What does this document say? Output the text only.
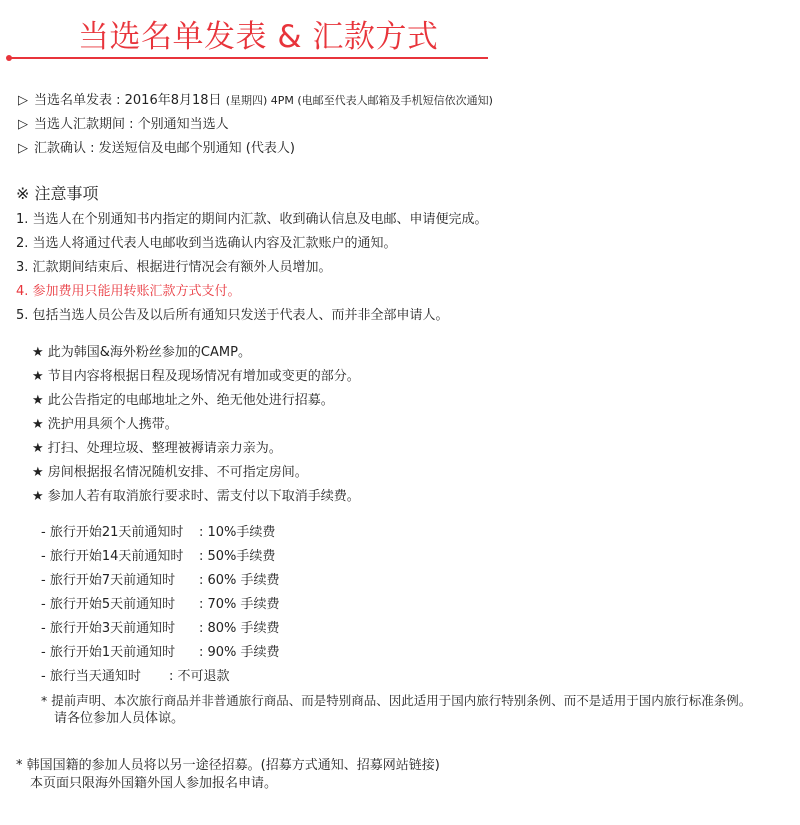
当选名单发表 & 汇款方式
▷ 当选名单发表 : 2016年8月18日 (星期四) 4PM (电邮至代表人邮箱及手机短信依次通知)
▷ 当选人汇款期间 : 个别通知当选人
▷ 汇款确认 : 发送短信及电邮个别通知 (代表人)
※ 注意事项
1. 当选人在个别通知书内指定的期间内汇款、收到确认信息及电邮、申请便完成。
2. 当选人将通过代表人电邮收到当选确认内容及汇款账户的通知。
3. 汇款期间结束后、根据进行情况会有额外人员增加。
4. 参加费用只能用转账汇款方式支付。
5. 包括当选人员公告及以后所有通知只发送于代表人、而并非全部申请人。
★ 此为韩国&海外粉丝参加的CAMP。
★ 节目内容将根据日程及现场情况有增加或变更的部分。
★ 此公告指定的电邮地址之外、绝无他处进行招募。
★ 洗护用具须个人携带。
★ 打扫、处理垃圾、整理被褥请亲力亲为。
★ 房间根据报名情况随机安排、不可指定房间。
★ 参加人若有取消旅行要求时、需支付以下取消手续费。
- 旅行开始21天前通知时 : 10%手续费
- 旅行开始14天前通知时 : 50%手续费
- 旅行开始7天前通知时 : 60% 手续费
- 旅行开始5天前通知时 : 70% 手续费
- 旅行开始3天前通知时 : 80% 手续费
- 旅行开始1天前通知时 : 90% 手续费
- 旅行当天通知时 : 不可退款
* 提前声明、本次旅行商品并非普通旅行商品、而是特别商品、因此适用于国内旅行特别条例、而不是适用于国内旅行标准条例。
请各位参加人员体谅。
* 韩国国籍的参加人员将以另一途径招募。(招募方式通知、招募网站链接)
本页面只限海外国籍外国人参加报名申请。
